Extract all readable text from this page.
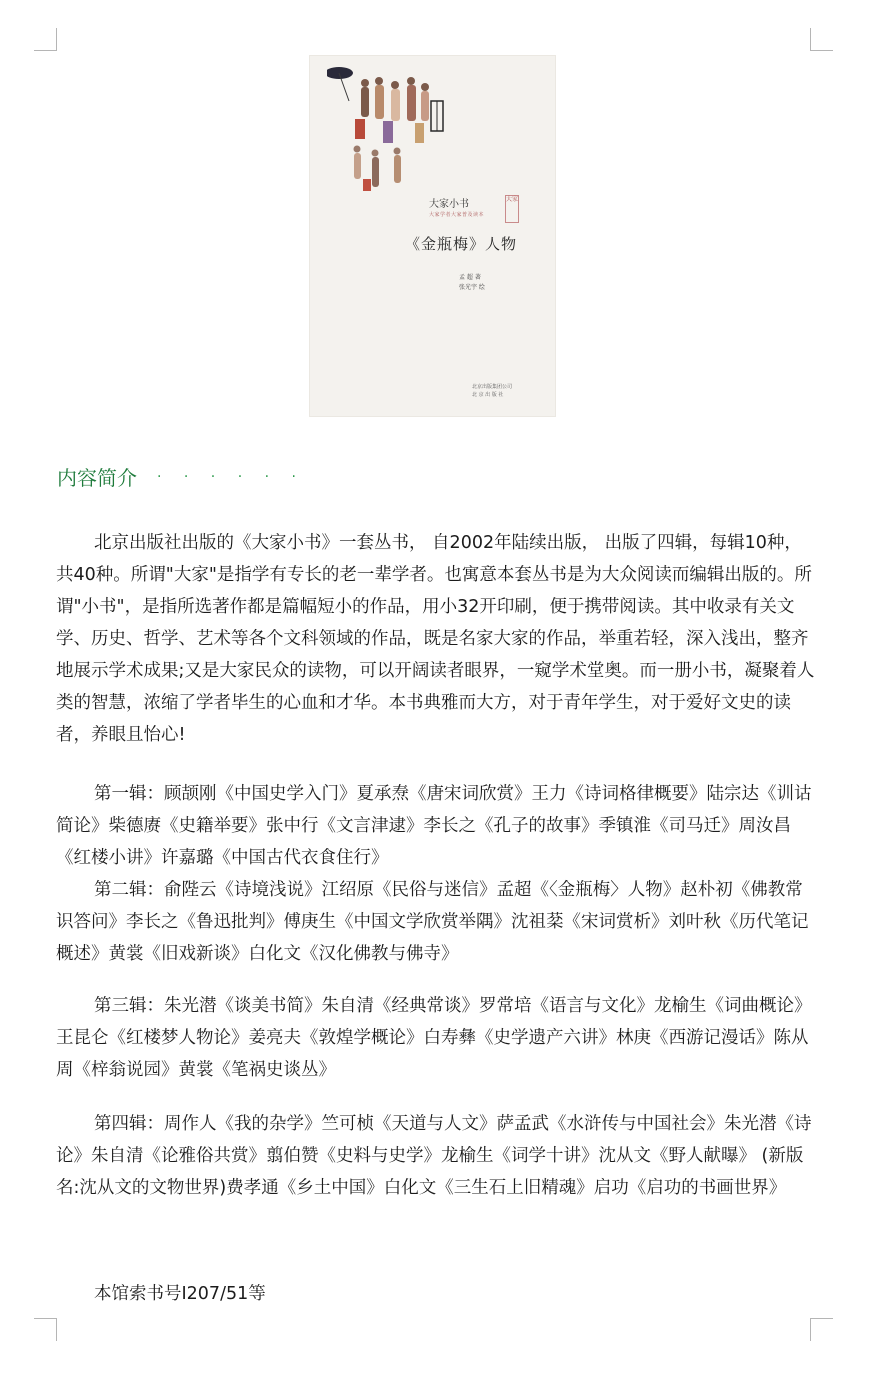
大家小书
大家学者大家普及读本
大家
《金瓶梅》人物
孟 超 著
张光宇 绘
北京出版集团公司
北 京 出 版 社
内容简介 · · · · · ·

北京出版社出版的《大家小书》一套丛书， 自2002年陆续出版， 出版了四辑，每辑10种，共40种。所谓"大家"是指学有专长的老一辈学者。也寓意本套丛书是为大众阅读而编辑出版的。所谓"小书"，是指所选著作都是篇幅短小的作品，用小32开印刷，便于携带阅读。其中收录有关文学、历史、哲学、艺术等各个文科领域的作品，既是名家大家的作品，举重若轻，深入浅出，整齐地展示学术成果;又是大家民众的读物，可以开阔读者眼界，一窥学术堂奥。而一册小书，凝聚着人类的智慧，浓缩了学者毕生的心血和才华。本书典雅而大方，对于青年学生，对于爱好文史的读者，养眼且怡心!

第一辑：顾颉刚《中国史学入门》夏承焘《唐宋词欣赏》王力《诗词格律概要》陆宗达《训诂简论》柴德赓《史籍举要》张中行《文言津逮》李长之《孔子的故事》季镇淮《司马迁》周汝昌《红楼小讲》许嘉璐《中国古代衣食住行》

第二辑：俞陛云《诗境浅说》江绍原《民俗与迷信》孟超《〈金瓶梅〉人物》赵朴初《佛教常识答问》李长之《鲁迅批判》傅庚生《中国文学欣赏举隅》沈祖棻《宋词赏析》刘叶秋《历代笔记概述》黄裳《旧戏新谈》白化文《汉化佛教与佛寺》

第三辑：朱光潜《谈美书简》朱自清《经典常谈》罗常培《语言与文化》龙榆生《词曲概论》王昆仑《红楼梦人物论》姜亮夫《敦煌学概论》白寿彝《史学遗产六讲》林庚《西游记漫话》陈从周《梓翁说园》黄裳《笔祸史谈丛》

第四辑：周作人《我的杂学》竺可桢《天道与人文》萨孟武《水浒传与中国社会》朱光潜《诗论》朱自清《论雅俗共赏》翦伯赞《史料与史学》龙榆生《词学十讲》沈从文《野人献曝》 (新版名:沈从文的文物世界)费孝通《乡土中国》白化文《三生石上旧精魂》启功《启功的书画世界》

本馆索书号I207/51等
